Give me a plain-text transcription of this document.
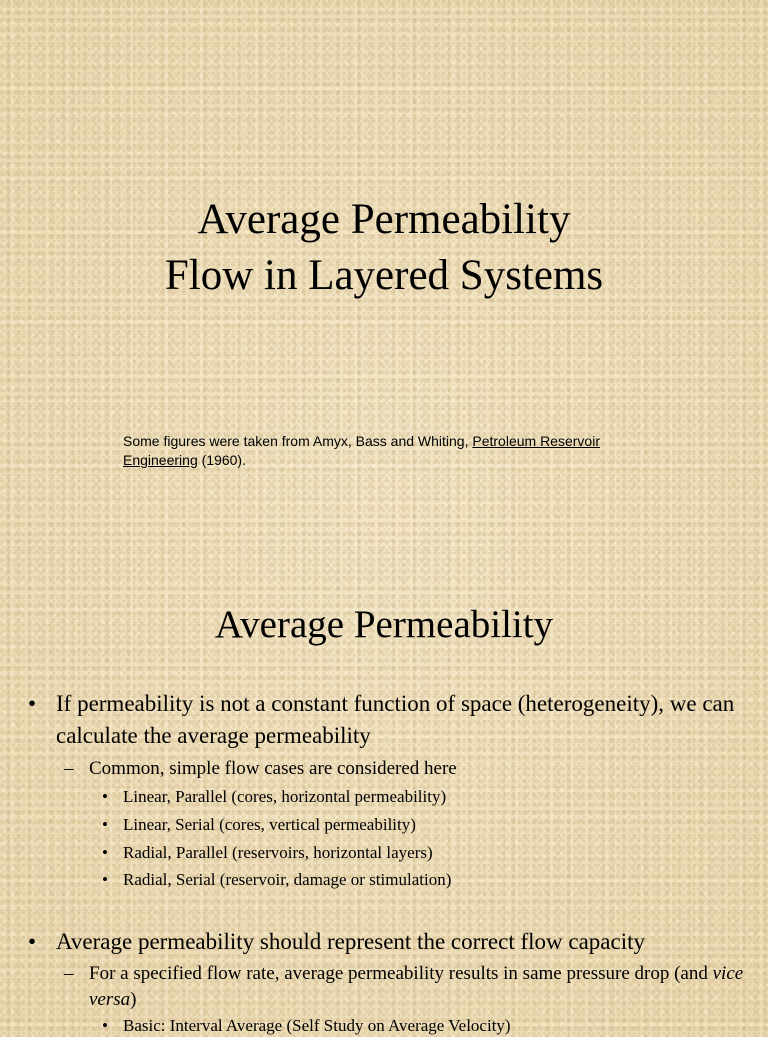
Average Permeability
Flow in Layered Systems

Some figures were taken from Amyx, Bass and Whiting, Petroleum Reservoir Engineering (1960).

Average Permeability
• If permeability is not a constant function of space (heterogeneity), we can calculate the average permeability
– Common, simple flow cases are considered here
• Linear, Parallel (cores, horizontal permeability)
• Linear, Serial (cores, vertical permeability)
• Radial, Parallel (reservoirs, horizontal layers)
• Radial, Serial (reservoir, damage or stimulation)
• Average permeability should represent the correct flow capacity
– For a specified flow rate, average permeability results in same pressure drop (and vice versa)
• Basic: Interval Average (Self Study on Average Velocity)
